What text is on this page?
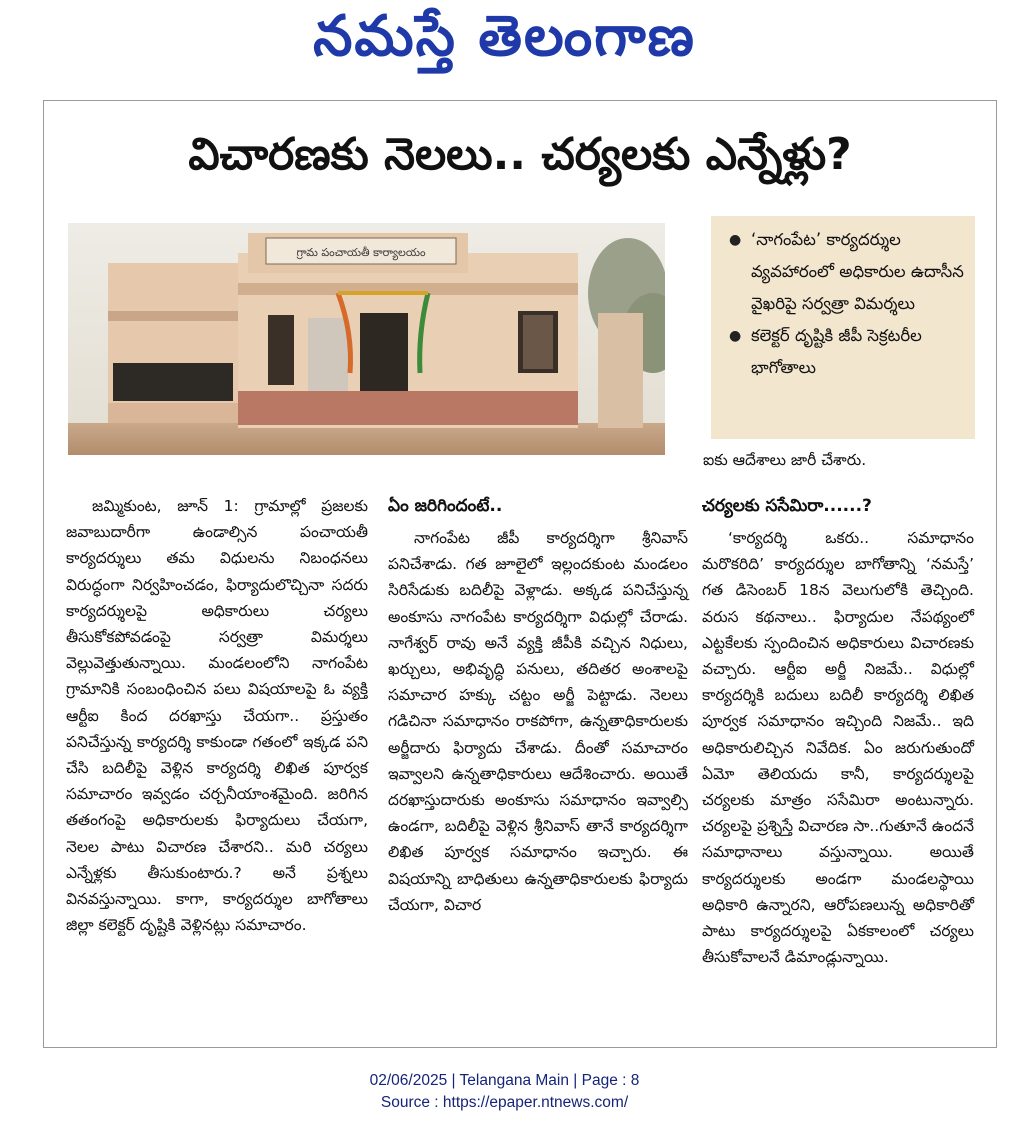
నమస్తే తెలంగాణ
విచారణకు నెలలు.. చర్యలకు ఎన్నేళ్లు?
గ్రామ పంచాయతీ కార్యాలయం
● ‘నాగంపేట’ కార్యదర్శుల వ్యవహారంలో అధికారుల ఉదాసీన వైఖరిపై సర్వత్రా విమర్శలు
● కలెక్టర్ దృష్టికి జీపీ సెక్రటరీల భాగోతాలు
ఐకు ఆదేశాలు జారీ చేశారు.

జమ్మికుంట, జూన్ 1: గ్రామాల్లో ప్రజలకు జవాబుదారీగా ఉండాల్సిన పంచాయతీ కార్యదర్శులు తమ విధులను నిబంధనలు విరుద్ధంగా నిర్వహించడం, ఫిర్యాదులొచ్చినా సదరు కార్యదర్శులపై అధికారులు చర్యలు తీసుకోకపోవడంపై సర్వత్రా విమర్శలు వెల్లువెత్తుతున్నాయి. మండలంలోని నాగంపేట గ్రామానికి సంబంధించిన పలు విషయాలపై ఓ వ్యక్తి ఆర్టీఐ కింద దరఖాస్తు చేయగా.. ప్రస్తుతం పనిచేస్తున్న కార్యదర్శి కాకుండా గతంలో ఇక్కడ పని చేసి బదిలీపై వెళ్లిన కార్యదర్శి లిఖిత పూర్వక సమాచారం ఇవ్వడం చర్చనీయాంశమైంది. జరిగిన తతంగంపై అధికారులకు ఫిర్యాదులు చేయగా, నెలల పాటు విచారణ చేశారని.. మరి చర్యలు ఎన్నేళ్లకు తీసుకుంటారు.? అనే ప్రశ్నలు వినవస్తున్నాయి. కాగా, కార్యదర్శుల బాగోతాలు జిల్లా కలెక్టర్ దృష్టికి వెళ్లినట్లు సమాచారం.

ఏం జరిగిందంటే..

నాగంపేట జీపీ కార్యదర్శిగా శ్రీనివాస్ పనిచేశాడు. గత జూలైలో ఇల్లందకుంట మండలం సిరిసేడుకు బదిలీపై వెళ్లాడు. అక్కడ పనిచేస్తున్న అంకూసు నాగంపేట కార్యదర్శిగా విధుల్లో చేరాడు. నాగేశ్వర్ రావు అనే వ్యక్తి జీపీకి వచ్చిన నిధులు, ఖర్చులు, అభివృద్ధి పనులు, తదితర అంశాలపై సమాచార హక్కు చట్టం అర్జీ పెట్టాడు. నెలలు గడిచినా సమాధానం రాకపోగా, ఉన్నతాధికారులకు అర్జీదారు ఫిర్యాదు చేశాడు. దీంతో సమాచారం ఇవ్వాలని ఉన్నతాధికారులు ఆదేశించారు. అయితే దరఖాస్తుదారుకు అంకూసు సమాధానం ఇవ్వాల్సి ఉండగా, బదిలీపై వెళ్లిన శ్రీనివాస్ తానే కార్యదర్శిగా లిఖిత పూర్వక సమాధానం ఇచ్చారు. ఈ విషయాన్ని బాధితులు ఉన్నతాధికారులకు ఫిర్యాదు చేయగా, విచార

చర్యలకు ససేమిరా......?

‘కార్యదర్శి ఒకరు.. సమాధానం మరొకరిది’ కార్యదర్శుల బాగోతాన్ని ‘నమస్తే’ గత డిసెంబర్ 18న వెలుగులోకి తెచ్చింది. వరుస కథనాలు.. ఫిర్యాదుల నేపథ్యంలో ఎట్టకేలకు స్పందించిన అధికారులు విచారణకు వచ్చారు. ఆర్టీఐ అర్జీ నిజమే.. విధుల్లో కార్యదర్శికి బదులు బదిలీ కార్యదర్శి లిఖిత పూర్వక సమాధానం ఇచ్చింది నిజమే.. ఇది అధికారులిచ్చిన నివేదిక. ఏం జరుగుతుందో ఏమో తెలియదు కానీ, కార్యదర్శులపై చర్యలకు మాత్రం ససేమిరా అంటున్నారు. చర్యలపై ప్రశ్నిస్తే విచారణ సా..గుతూనే ఉందనే సమాధానాలు వస్తున్నాయి. అయితే కార్యదర్శులకు అండగా మండలస్థాయి అధికారి ఉన్నారని, ఆరోపణలున్న అధికారితో పాటు కార్యదర్శులపై ఏకకాలంలో చర్యలు తీసుకోవాలనే డిమాండ్లున్నాయి.

02/06/2025 | Telangana Main | Page : 8
Source : https://epaper.ntnews.com/
